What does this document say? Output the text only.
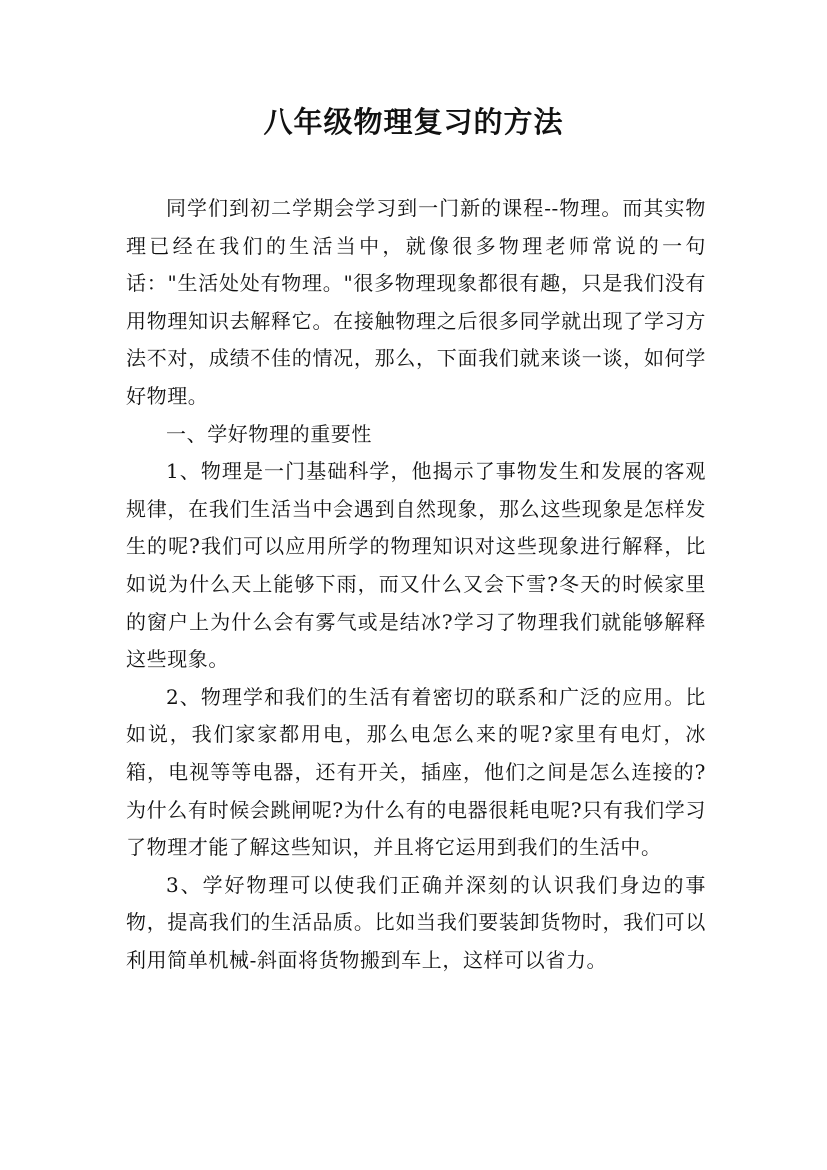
八年级物理复习的方法

同学们到初二学期会学习到一门新的课程--物理。而其实物理已经在我们的生活当中，就像很多物理老师常说的一句话："生活处处有物理。"很多物理现象都很有趣，只是我们没有用物理知识去解释它。在接触物理之后很多同学就出现了学习方法不对，成绩不佳的情况，那么，下面我们就来谈一谈，如何学好物理。

一、学好物理的重要性

1、物理是一门基础科学，他揭示了事物发生和发展的客观规律，在我们生活当中会遇到自然现象，那么这些现象是怎样发生的呢?我们可以应用所学的物理知识对这些现象进行解释，比如说为什么天上能够下雨，而又什么又会下雪?冬天的时候家里的窗户上为什么会有雾气或是结冰?学习了物理我们就能够解释这些现象。

2、物理学和我们的生活有着密切的联系和广泛的应用。比如说，我们家家都用电，那么电怎么来的呢?家里有电灯，冰箱，电视等等电器，还有开关，插座，他们之间是怎么连接的?为什么有时候会跳闸呢?为什么有的电器很耗电呢?只有我们学习了物理才能了解这些知识，并且将它运用到我们的生活中。

3、学好物理可以使我们正确并深刻的认识我们身边的事物，提高我们的生活品质。比如当我们要装卸货物时，我们可以利用简单机械-斜面将货物搬到车上，这样可以省力。
